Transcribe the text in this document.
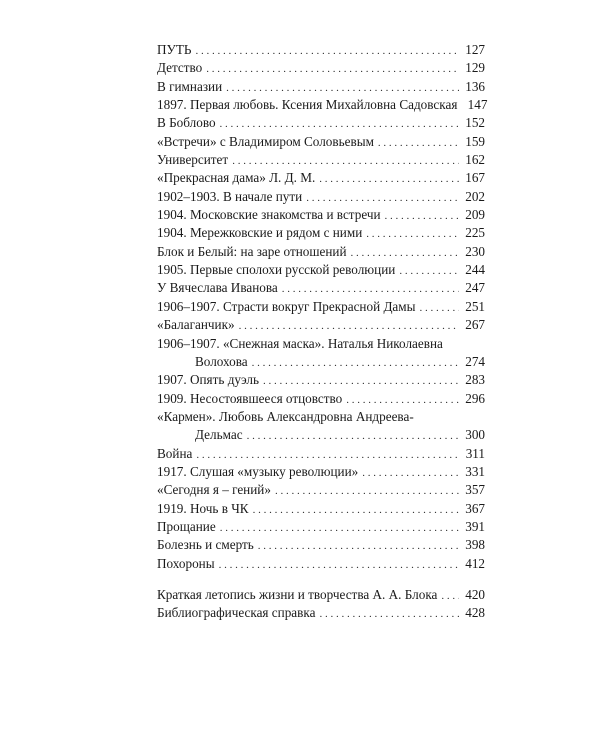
ПУТЬ . . .	127
Детство . . .	129
В гимназии . . .	136
1897. Первая любовь. Ксения Михайловна Садовская 147
В Боблово . . .	152
«Встречи» с Владимиром Соловьевым . . .	159
Университет . . .	162
«Прекрасная дама» Л. Д. М. . . .	167
1902–1903. В начале пути . . .	202
1904. Московские знакомства и встречи . . .	209
1904. Мережковские и рядом с ними . . .	225
Блок и Белый: на заре отношений . . .	230
1905. Первые сполохи русской революции . . .	244
У Вячеслава Иванова . . .	247
1906–1907. Страсти вокруг Прекрасной Дамы . . .	251
«Балаганчик» . . .	267
1906–1907. «Снежная маска». Наталья Николаевна
Волохова . . .	274
1907. Опять дуэль . . .	283
1909. Несостоявшееся отцовство . . .	296
«Кармен». Любовь Александровна Андреева-
Дельмас . . .	300
Война . . .	311
1917. Слушая «музыку революции» . . .	331
«Сегодня я – гений» . . .	357
1919. Ночь в ЧК . . .	367
Прощание . . .	391
Болезнь и смерть . . .	398
Похороны . . .	412
Краткая летопись жизни и творчества А. А. Блока . . . 420
Библиографическая справка . . .	428
